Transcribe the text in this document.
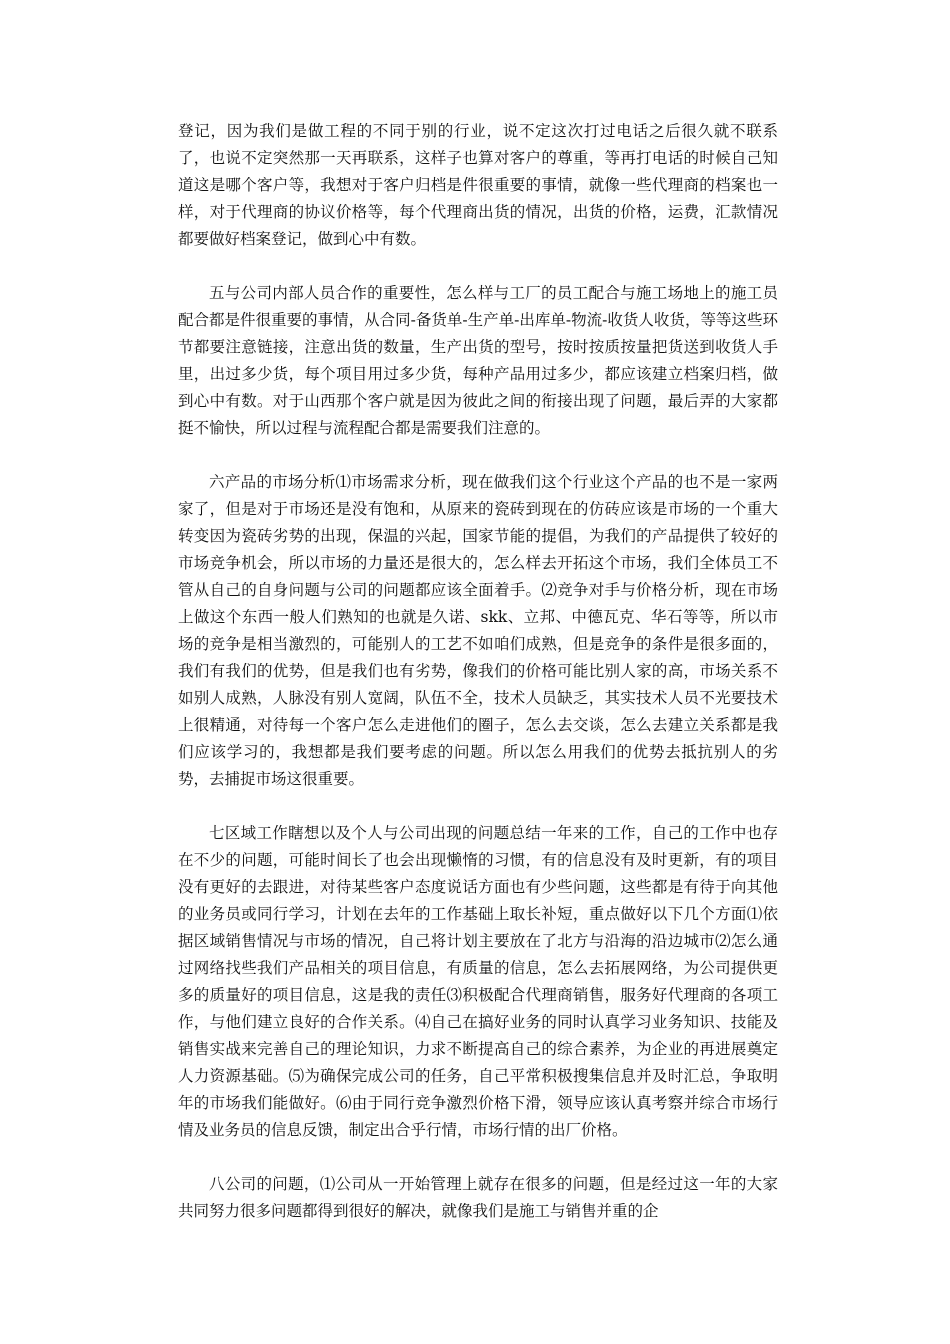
登记，因为我们是做工程的不同于别的行业，说不定这次打过电话之后很久就不联系了，也说不定突然那一天再联系，这样子也算对客户的尊重，等再打电话的时候自己知道这是哪个客户等，我想对于客户归档是件很重要的事情，就像一些代理商的档案也一样，对于代理商的协议价格等，每个代理商出货的情况，出货的价格，运费，汇款情况都要做好档案登记，做到心中有数。

五与公司内部人员合作的重要性，怎么样与工厂的员工配合与施工场地上的施工员配合都是件很重要的事情，从合同-备货单-生产单-出库单-物流-收货人收货，等等这些环节都要注意链接，注意出货的数量，生产出货的型号，按时按质按量把货送到收货人手里，出过多少货，每个项目用过多少货，每种产品用过多少，都应该建立档案归档，做到心中有数。对于山西那个客户就是因为彼此之间的衔接出现了问题，最后弄的大家都挺不愉快，所以过程与流程配合都是需要我们注意的。

六产品的市场分析⑴市场需求分析，现在做我们这个行业这个产品的也不是一家两家了，但是对于市场还是没有饱和，从原来的瓷砖到现在的仿砖应该是市场的一个重大转变因为瓷砖劣势的出现，保温的兴起，国家节能的提倡，为我们的产品提供了较好的市场竞争机会，所以市场的力量还是很大的，怎么样去开拓这个市场，我们全体员工不管从自己的自身问题与公司的问题都应该全面着手。⑵竞争对手与价格分析，现在市场上做这个东西一般人们熟知的也就是久诺、skk、立邦、中德瓦克、华石等等，所以市场的竞争是相当激烈的，可能别人的工艺不如咱们成熟，但是竞争的条件是很多面的，我们有我们的优势，但是我们也有劣势，像我们的价格可能比别人家的高，市场关系不如别人成熟，人脉没有别人宽阔，队伍不全，技术人员缺乏，其实技术人员不光要技术上很精通，对待每一个客户怎么走进他们的圈子，怎么去交谈，怎么去建立关系都是我们应该学习的，我想都是我们要考虑的问题。所以怎么用我们的优势去抵抗别人的劣势，去捕捉市场这很重要。

七区域工作瞎想以及个人与公司出现的问题总结一年来的工作，自己的工作中也存在不少的问题，可能时间长了也会出现懒惰的习惯，有的信息没有及时更新，有的项目没有更好的去跟进，对待某些客户态度说话方面也有少些问题，这些都是有待于向其他的业务员或同行学习，计划在去年的工作基础上取长补短，重点做好以下几个方面⑴依据区域销售情况与市场的情况，自己将计划主要放在了北方与沿海的沿边城市⑵怎么通过网络找些我们产品相关的项目信息，有质量的信息，怎么去拓展网络，为公司提供更多的质量好的项目信息，这是我的责任⑶积极配合代理商销售，服务好代理商的各项工作，与他们建立良好的合作关系。⑷自己在搞好业务的同时认真学习业务知识、技能及销售实战来完善自己的理论知识，力求不断提高自己的综合素养，为企业的再进展奠定人力资源基础。⑸为确保完成公司的任务，自己平常积极搜集信息并及时汇总，争取明年的市场我们能做好。⑹由于同行竞争激烈价格下滑，领导应该认真考察并综合市场行情及业务员的信息反馈，制定出合乎行情，市场行情的出厂价格。

八公司的问题，⑴公司从一开始管理上就存在很多的问题，但是经过这一年的大家共同努力很多问题都得到很好的解决，就像我们是施工与销售并重的企
